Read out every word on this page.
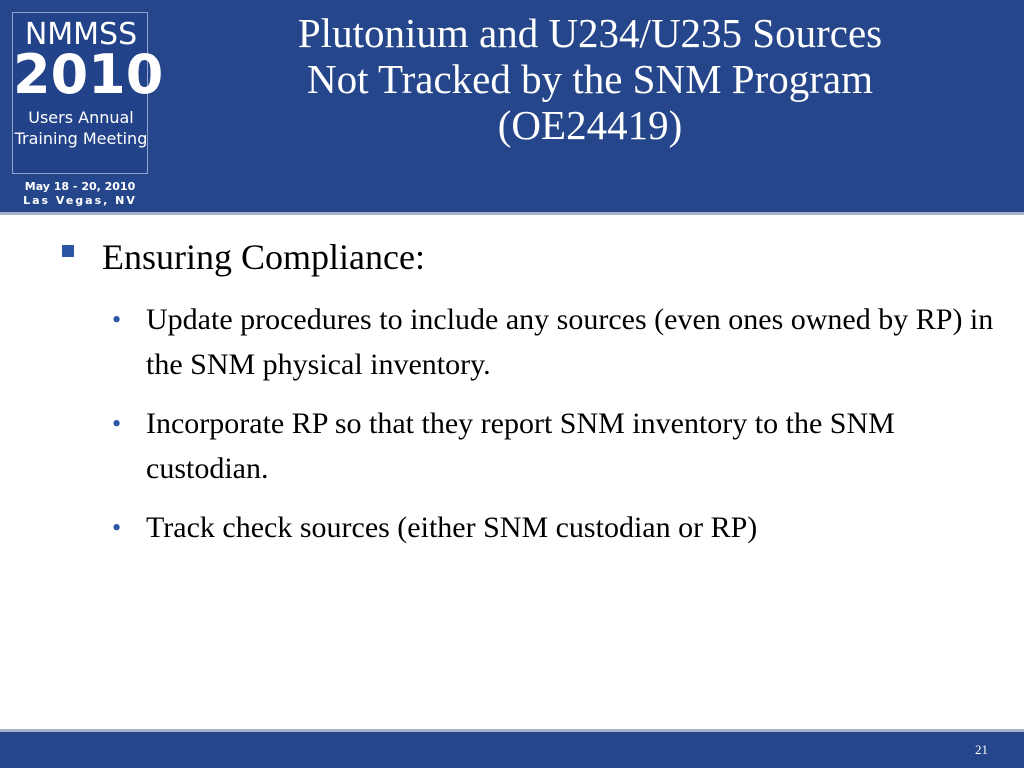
NMMSS
2010
Users Annual
Training Meeting
May 18 - 20, 2010
Las Vegas, NV
Plutonium and U234/U235 Sources
Not Tracked by the SNM Program
(OE24419)
Ensuring Compliance:
• Update procedures to include any sources (even ones owned by RP) in the SNM physical inventory.
• Incorporate RP so that they report SNM inventory to the SNM custodian.
• Track check sources (either SNM custodian or RP)
21
